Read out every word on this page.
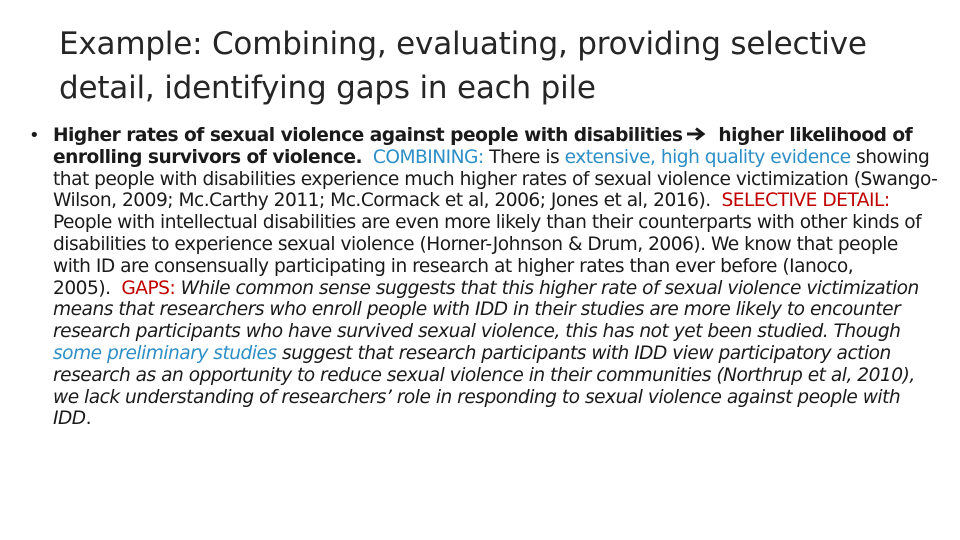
Example: Combining, evaluating, providing selective detail, identifying gaps in each pile
• Higher rates of sexual violence against people with disabilities higher likelihood of enrolling survivors of violence. COMBINING: There is extensive, high quality evidence showing that people with disabilities experience much higher rates of sexual violence victimization (Swango-Wilson, 2009; Mc.Carthy 2011; Mc.Cormack et al, 2006; Jones et al, 2016). SELECTIVE DETAIL: People with intellectual disabilities are even more likely than their counterparts with other kinds of disabilities to experience sexual violence (Horner-Johnson & Drum, 2006). We know that people with ID are consensually participating in research at higher rates than ever before (Ianoco, 2005). GAPS: While common sense suggests that this higher rate of sexual violence victimization means that researchers who enroll people with IDD in their studies are more likely to encounter research participants who have survived sexual violence, this has not yet been studied. Though some preliminary studies suggest that research participants with IDD view participatory action research as an opportunity to reduce sexual violence in their communities (Northrup et al, 2010), we lack understanding of researchers’ role in responding to sexual violence against people with IDD.
